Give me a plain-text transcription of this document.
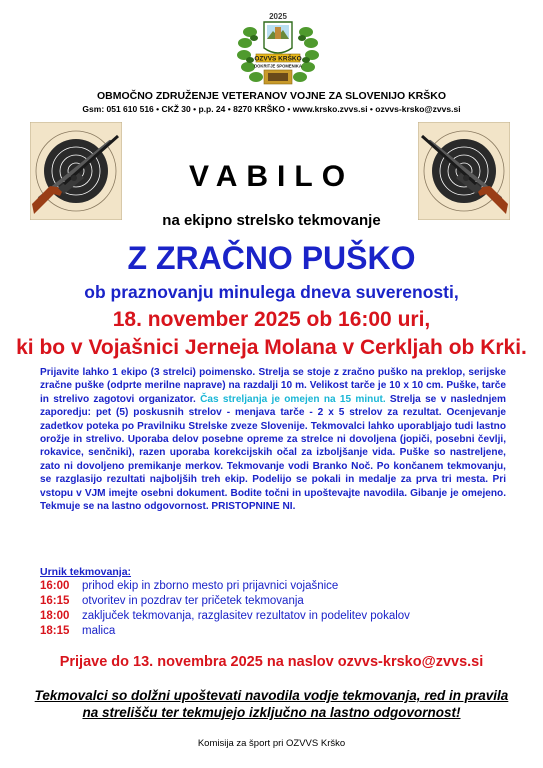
2025
OZVVS KRŠKO
DOKRITJE SPOMENIKA
OBMOČNO ZDRUŽENJE VETERANOV VOJNE ZA SLOVENIJO KRŠKO
Gsm: 051 610 516 • CKŽ 30 • p.p. 24 • 8270 KRŠKO • www.krsko.zvvs.si • ozvvs-krsko@zvvs.si
VABILO
na ekipno strelsko tekmovanje
Z ZRAČNO PUŠKO
ob praznovanju minulega dneva suverenosti,
18. november 2025 ob 16:00 uri,
ki bo v Vojašnici Jerneja Molana v Cerkljah ob Krki.
Prijavite lahko 1 ekipo (3 strelci) poimensko. Strelja se stoje z zračno puško na preklop, serijske zračne puške (odprte merilne naprave) na razdalji 10 m. Velikost tarče je 10 x 10 cm. Puške, tarče in strelivo zagotovi organizator. Čas streljanja je omejen na 15 minut. Strelja se v naslednjem zaporedju: pet (5) poskusnih strelov - menjava tarče - 2 x 5 strelov za rezultat. Ocenjevanje zadetkov poteka po Pravilniku Strelske zveze Slovenije. Tekmovalci lahko uporabljajo tudi lastno orožje in strelivo. Uporaba delov posebne opreme za strelce ni dovoljena (jopiči, posebni čevlji, rokavice, senčniki), razen uporaba korekcijskih očal za izboljšanje vida. Puške so nastreljene, zato ni dovoljeno premikanje merkov. Tekmovanje vodi Branko Noč. Po končanem tekmovanju, se razglasijo rezultati najboljših treh ekip. Podelijo se pokali in medalje za prva tri mesta. Pri vstopu v VJM imejte osebni dokument. Bodite točni in upoštevajte navodila. Gibanje je omejeno. Tekmuje se na lastno odgovornost. PRISTOPNINE NI.
Urnik tekmovanja:
16:00 prihod ekip in zborno mesto pri prijavnici vojašnice
16:15 otvoritev in pozdrav ter pričetek tekmovanja
18:00 zaključek tekmovanja, razglasitev rezultatov in podelitev pokalov
18:15 malica
Prijave do 13. novembra 2025 na naslov ozvvs-krsko@zvvs.si
Tekmovalci so dolžni upoštevati navodila vodje tekmovanja, red in pravila
na strelišču ter tekmujejo izključno na lastno odgovornost!
Komisija za šport pri OZVVS Krško
